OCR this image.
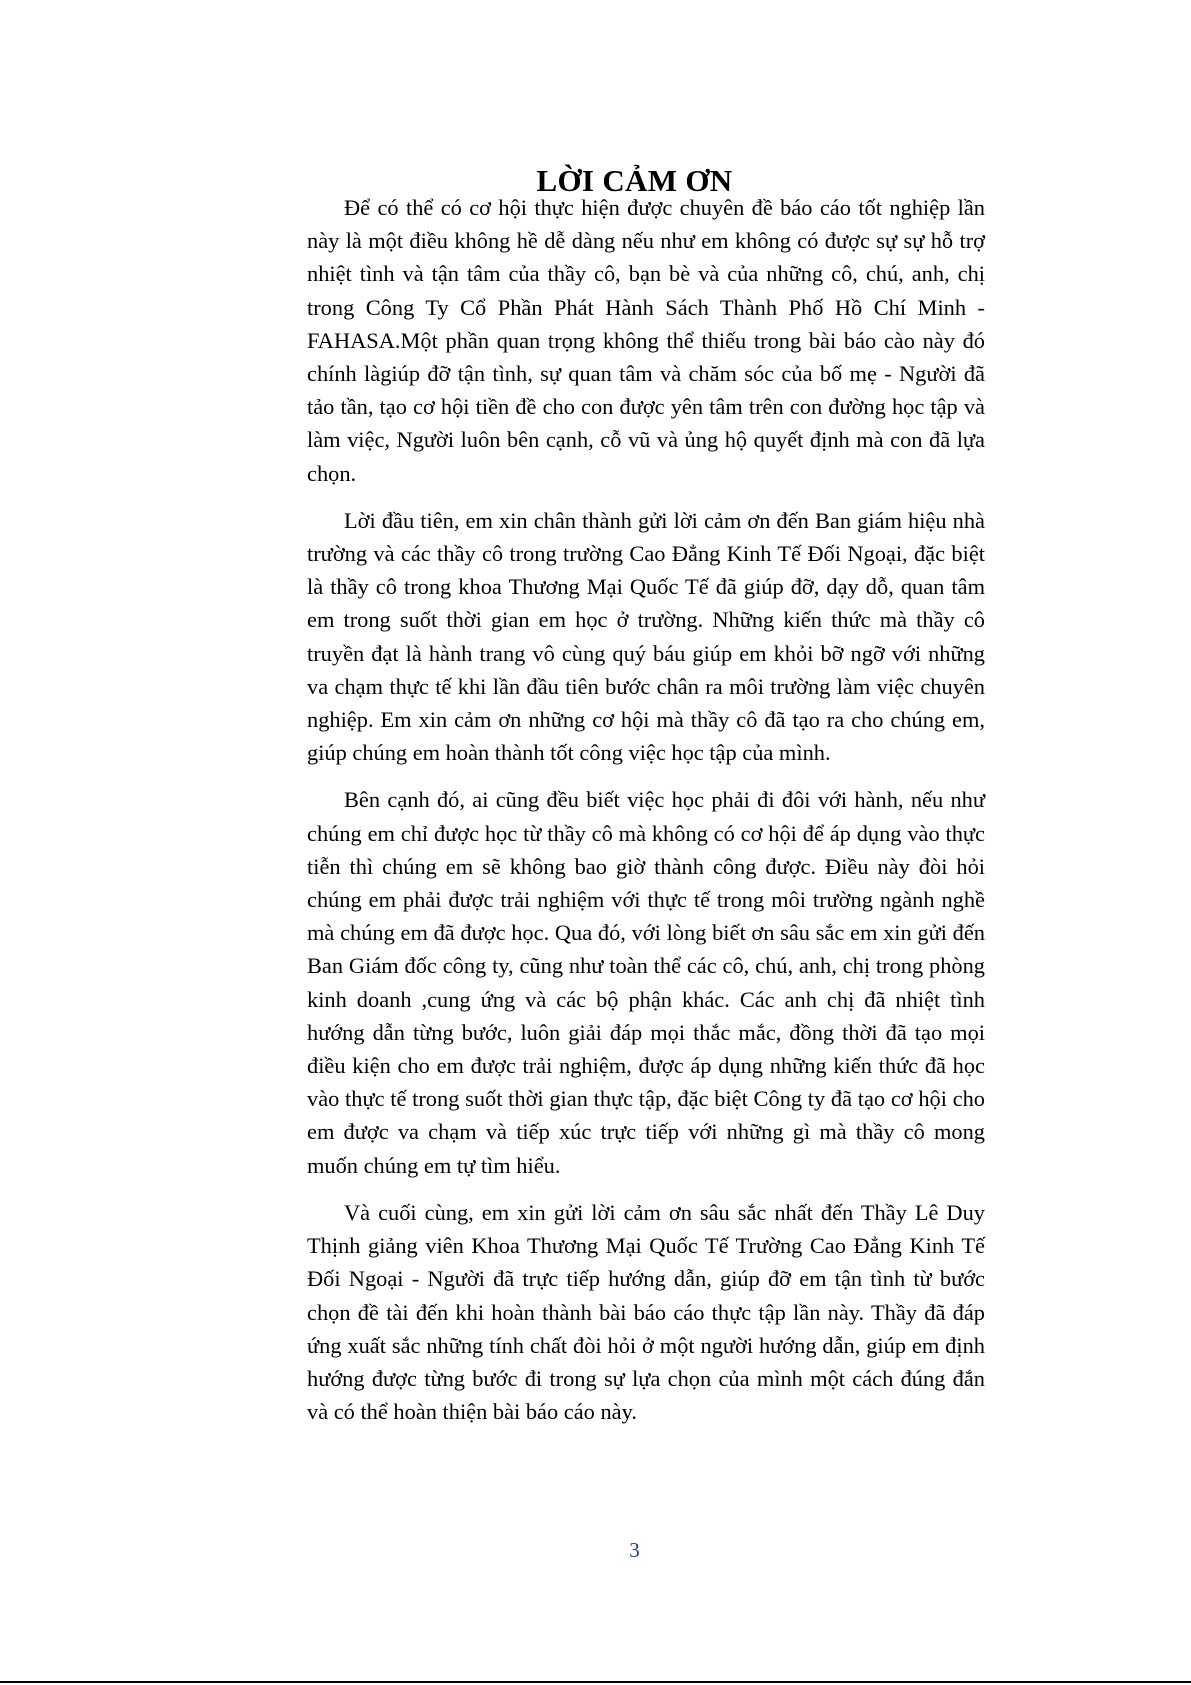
LỜI CẢM ƠN

Để có thể có cơ hội thực hiện được chuyên đề báo cáo tốt nghiệp lần này là một điều không hề dễ dàng nếu như em không có được sự sự hỗ trợ nhiệt tình và tận tâm của thầy cô, bạn bè và của những cô, chú, anh, chị trong Công Ty Cổ Phần Phát Hành Sách Thành Phố Hồ Chí Minh - FAHASA.Một phần quan trọng không thể thiếu trong bài báo cào này đó chính làgiúp đỡ tận tình, sự quan tâm và chăm sóc của bố mẹ - Người đã tảo tần, tạo cơ hội tiền đề cho con được yên tâm trên con đường học tập và làm việc, Người luôn bên cạnh, cỗ vũ và ủng hộ quyết định mà con đã lựa chọn.

Lời đầu tiên, em xin chân thành gửi lời cảm ơn đến Ban giám hiệu nhà trường và các thầy cô trong trường Cao Đẳng Kinh Tế Đối Ngoại, đặc biệt là thầy cô trong khoa Thương Mại Quốc Tế đã giúp đỡ, dạy dỗ, quan tâm em trong suốt thời gian em học ở trường. Những kiến thức mà thầy cô truyền đạt là hành trang vô cùng quý báu giúp em khỏi bỡ ngỡ với những va chạm thực tế khi lần đầu tiên bước chân ra môi trường làm việc chuyên nghiệp. Em xin cảm ơn những cơ hội mà thầy cô đã tạo ra cho chúng em, giúp chúng em hoàn thành tốt công việc học tập của mình.

Bên cạnh đó, ai cũng đều biết việc học phải đi đôi với hành, nếu như chúng em chỉ được học từ thầy cô mà không có cơ hội để áp dụng vào thực tiễn thì chúng em sẽ không bao giờ thành công được. Điều này đòi hỏi chúng em phải được trải nghiệm với thực tế trong môi trường ngành nghề mà chúng em đã được học. Qua đó, với lòng biết ơn sâu sắc em xin gửi đến Ban Giám đốc công ty, cũng như toàn thể các cô, chú, anh, chị trong phòng kinh doanh ,cung ứng và các bộ phận khác. Các anh chị đã nhiệt tình hướng dẫn từng bước, luôn giải đáp mọi thắc mắc, đồng thời đã tạo mọi điều kiện cho em được trải nghiệm, được áp dụng những kiến thức đã học vào thực tế trong suốt thời gian thực tập, đặc biệt Công ty đã tạo cơ hội cho em được va chạm và tiếp xúc trực tiếp với những gì mà thầy cô mong muốn chúng em tự tìm hiểu.

Và cuối cùng, em xin gửi lời cảm ơn sâu sắc nhất đến Thầy Lê Duy Thịnh giảng viên Khoa Thương Mại Quốc Tế Trường Cao Đẳng Kinh Tế Đối Ngoại - Người đã trực tiếp hướng dẫn, giúp đỡ em tận tình từ bước chọn đề tài đến khi hoàn thành bài báo cáo thực tập lần này. Thầy đã đáp ứng xuất sắc những tính chất đòi hỏi ở một người hướng dẫn, giúp em định hướng được từng bước đi trong sự lựa chọn của mình một cách đúng đắn và có thể hoàn thiện bài báo cáo này.

3
